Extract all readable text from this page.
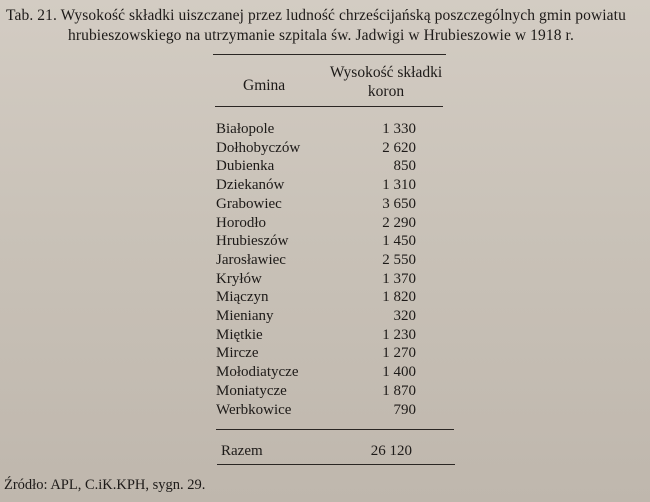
Tab. 21. Wysokość składki uiszczanej przez ludność chrześcijańską poszczególnych gmin powiatu
hrubieszowskiego na utrzymanie szpitala św. Jadwigi w Hrubieszowie w 1918 r.
Gmina
Wysokość składki
koron
Białopole	1 330
Dołhobyczów	2 620
Dubienka	850
Dziekanów	1 310
Grabowiec	3 650
Horodło	2 290
Hrubieszów	1 450
Jarosławiec	2 550
Kryłów	1 370
Miączyn	1 820
Mieniany	320
Miętkie	1 230
Mircze	1 270
Mołodiatycze	1 400
Moniatycze	1 870
Werbkowice	790
Razem	26 120
Źródło: APL, C.iK.KPH, sygn. 29.
